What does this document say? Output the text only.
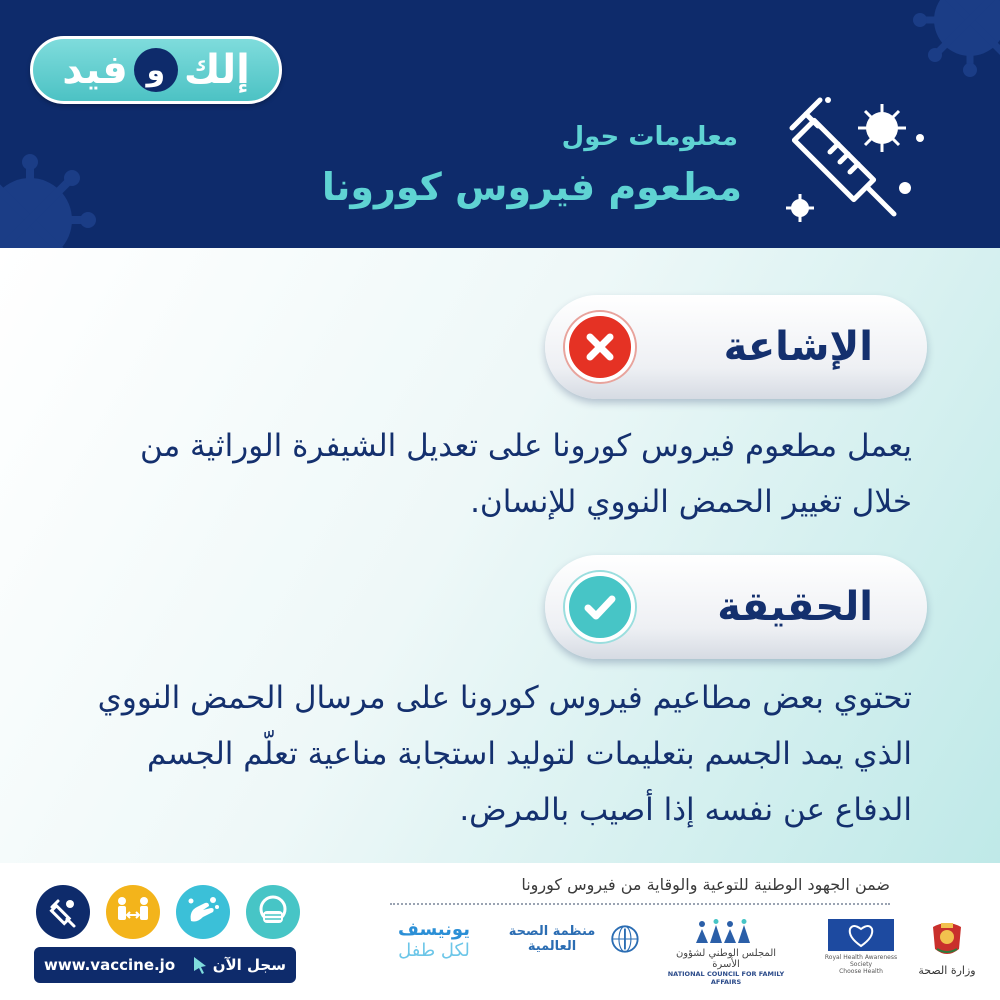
إلك
و
فيد
معلومات حول
مطعوم فيروس كورونا
الإشاعة
يعمل مطعوم فيروس كورونا على تعديل الشيفرة الوراثية من خلال تغيير الحمض النووي للإنسان.
الحقيقة
تحتوي بعض مطاعيم فيروس كورونا على مرسال الحمض النووي الذي يمد الجسم بتعليمات لتوليد استجابة مناعية تعلّم الجسم الدفاع عن نفسه إذا أصيب بالمرض.
ضمن الجهود الوطنية للتوعية والوقاية من فيروس كورونا
www.vaccine.jo	سجل الآن
يونيسف
لكل طفل
منظمة الصحة العالمية	المجلس الوطني لشؤون الأسرة
NATIONAL COUNCIL FOR FAMILY AFFAIRS
Royal Health Awareness Society
Choose Health	وزارة الصحة
